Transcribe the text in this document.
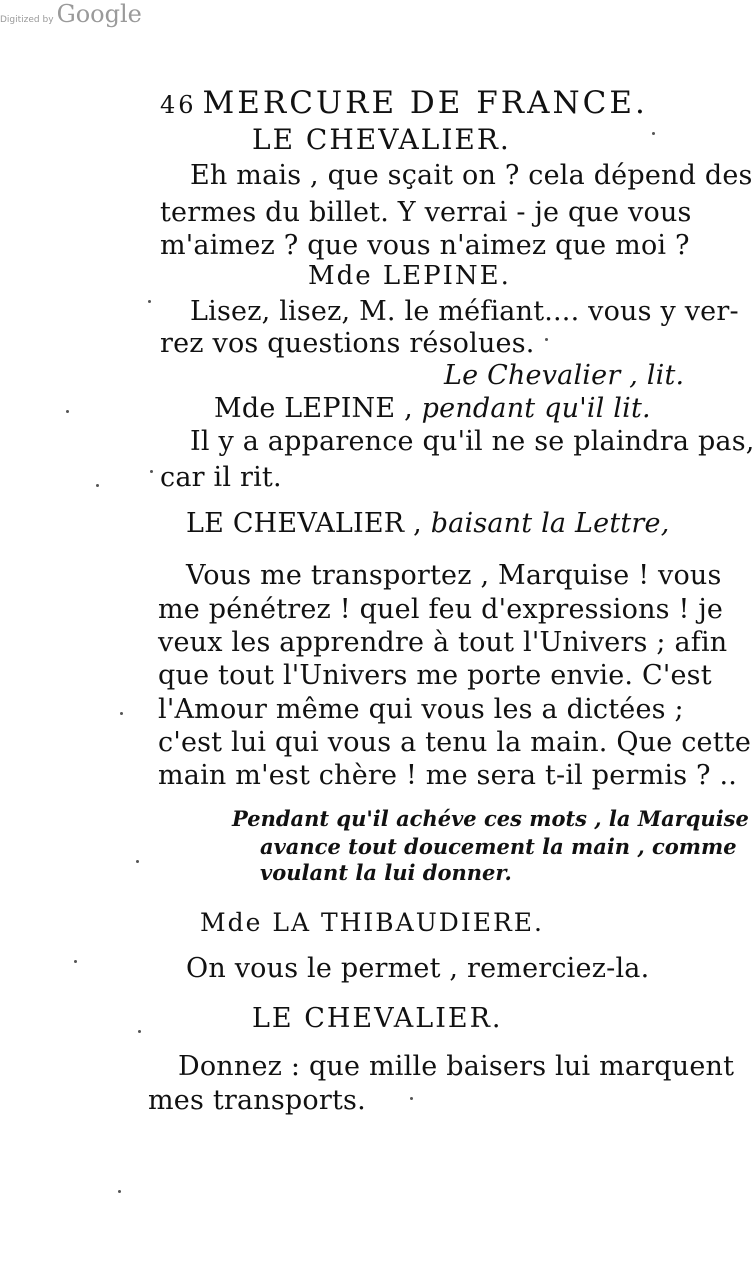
46 MERCURE DE FRANCE.
LE CHEVALIER.
Eh mais , que sçait on ? cela dépend des
termes du billet. Y verrai - je que vous
m'aimez ? que vous n'aimez que moi ?
Mde LEPINE.
Lisez, lisez, M. le méfiant.... vous y ver-
rez vos questions résolues.
Le Chevalier , lit.
Mde LEPINE , pendant qu'il lit.
Il y a apparence qu'il ne se plaindra pas,
car il rit.
LE CHEVALIER , baisant la Lettre,
Vous me transportez , Marquise ! vous
me pénétrez ! quel feu d'expressions ! je
veux les apprendre à tout l'Univers ; afin
que tout l'Univers me porte envie. C'est
l'Amour même qui vous les a dictées ;
c'est lui qui vous a tenu la main. Que cette
main m'est chère ! me sera t-il permis ? ..
Pendant qu'il achéve ces mots , la Marquise
avance tout doucement la main , comme
voulant la lui donner.
Mde LA THIBAUDIERE.
On vous le permet , remerciez-la.
LE CHEVALIER.
Donnez : que mille baisers lui marquent
mes transports.
Digitized by Google
